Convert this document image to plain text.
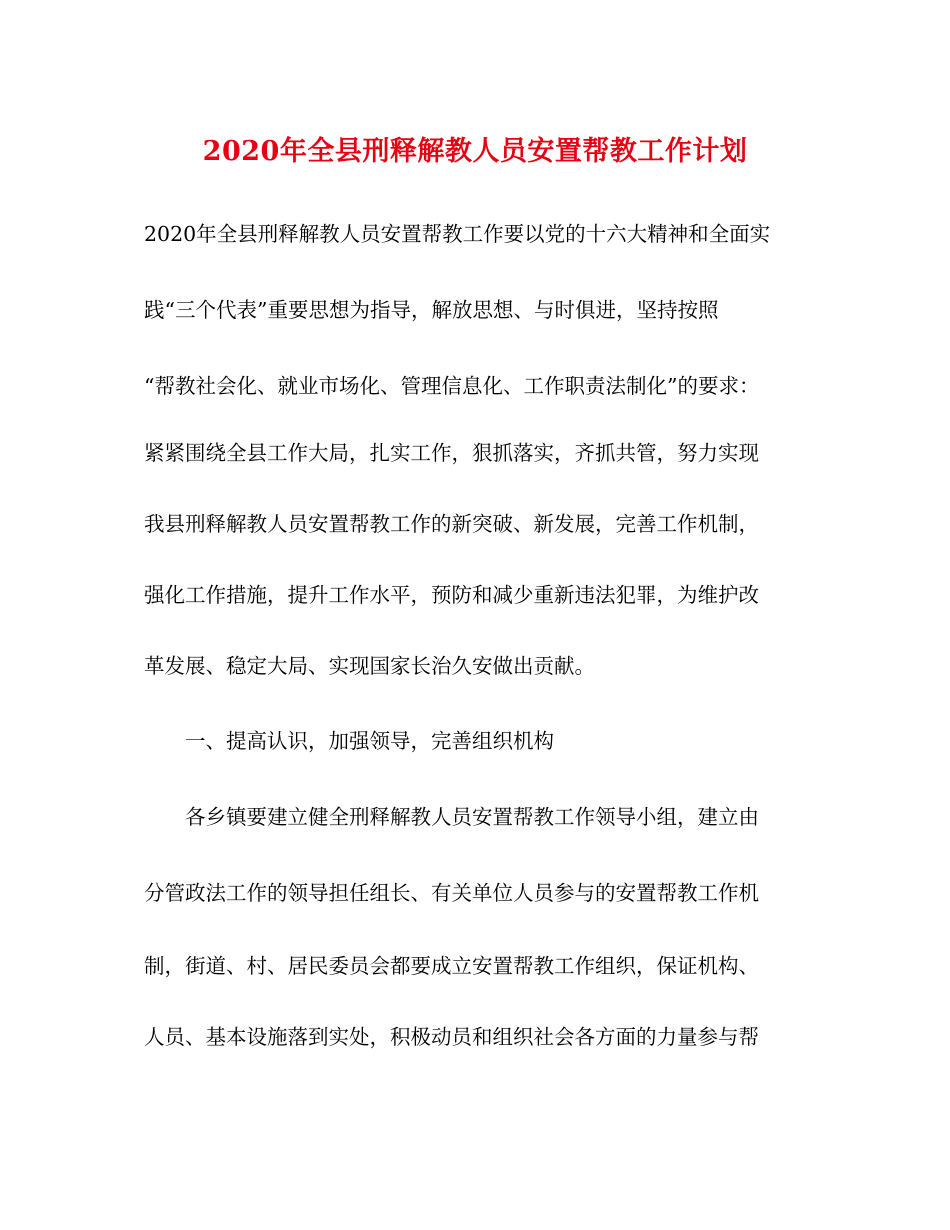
2020年全县刑释解教人员安置帮教工作计划
2020年全县刑释解教人员安置帮教工作要以党的十六大精神和全面实
践“三个代表”重要思想为指导，解放思想、与时俱进，坚持按照
“帮教社会化、就业市场化、管理信息化、工作职责法制化”的要求：
紧紧围绕全县工作大局，扎实工作，狠抓落实，齐抓共管，努力实现
我县刑释解教人员安置帮教工作的新突破、新发展，完善工作机制，
强化工作措施，提升工作水平，预防和减少重新违法犯罪，为维护改
革发展、稳定大局、实现国家长治久安做出贡献。
一、提高认识，加强领导，完善组织机构
各乡镇要建立健全刑释解教人员安置帮教工作领导小组，建立由
分管政法工作的领导担任组长、有关单位人员参与的安置帮教工作机
制，街道、村、居民委员会都要成立安置帮教工作组织，保证机构、
人员、基本设施落到实处，积极动员和组织社会各方面的力量参与帮
